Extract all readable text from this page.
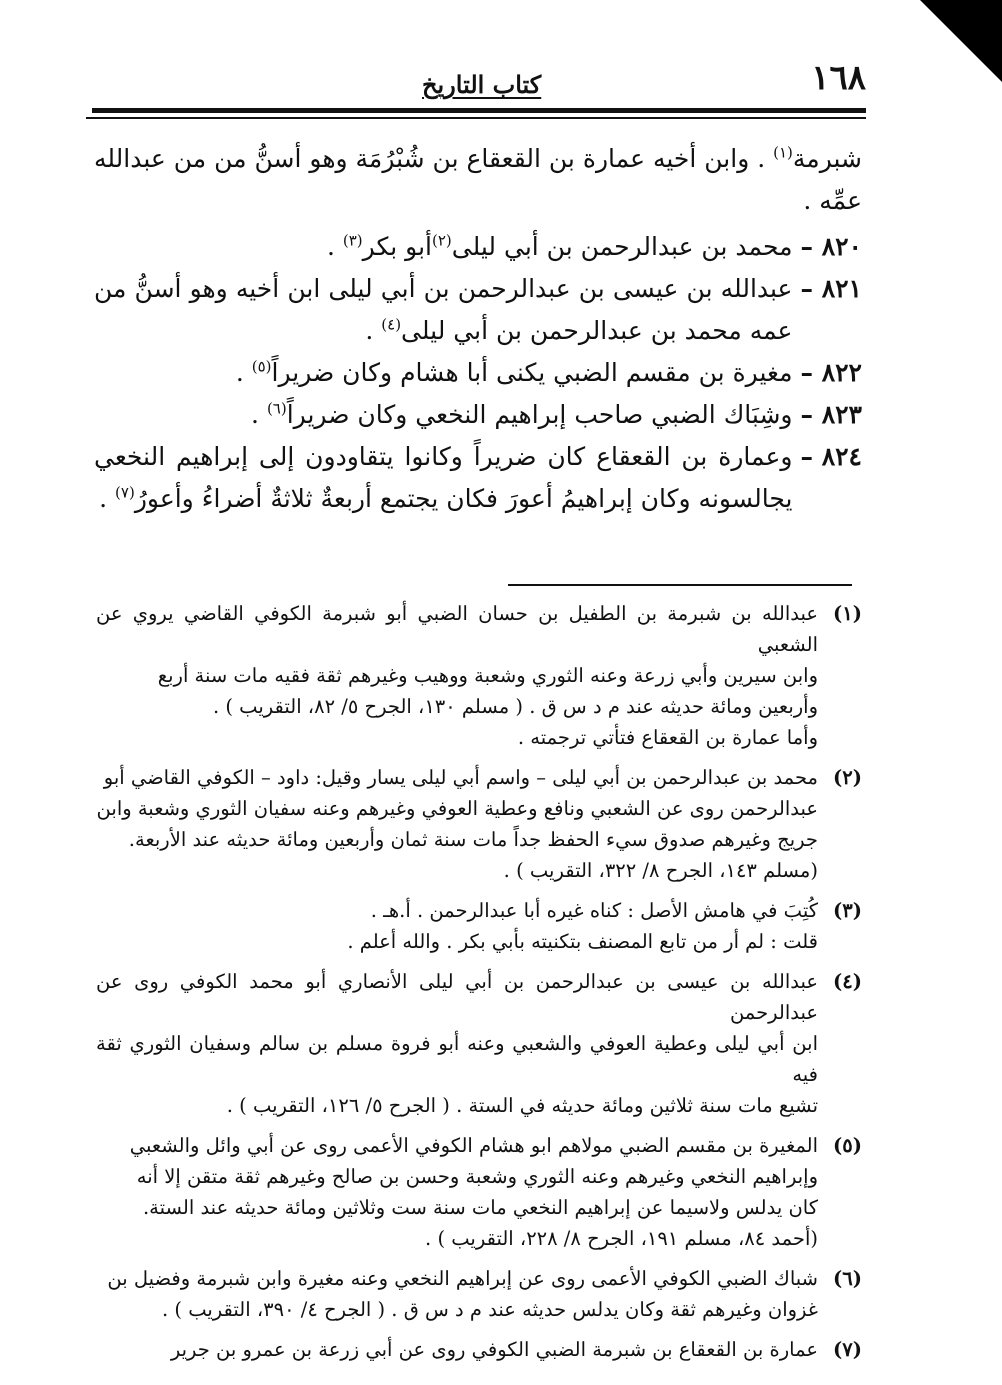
١٦٨
كتاب التاريخ

شبرمة$^{(١)}$ . وابن أخيه عمارة بن القعقاع بن شُبْرُمَة وهو أسنُّ من من عبدالله عمِّه .

٨٢٠ –
محمد بن عبدالرحمن بن أبي ليلى$^{(٢)}$أبو بكر$^{(٣)}$ .
٨٢١ –
عبدالله بن عيسى بن عبدالرحمن بن أبي ليلى ابن أخيه وهو أسنُّ من عمه محمد بن عبدالرحمن بن أبي ليلى$^{(٤)}$ .
٨٢٢ –
مغيرة بن مقسم الضبي يكنى أبا هشام وكان ضريراً$^{(٥)}$ .
٨٢٣ –
وشِبَاك الضبي صاحب إبراهيم النخعي وكان ضريراً$^{(٦)}$ .
٨٢٤ –
وعمارة بن القعقاع كان ضريراً وكانوا يتقاودون إلى إبراهيم النخعي يجالسونه وكان إبراهيمُ أعورَ فكان يجتمع أربعةٌ ثلاثةٌ أضراءُ وأعورُ$^{(٧)}$ .
(١)
عبدالله بن شبرمة بن الطفيل بن حسان الضبي أبو شبرمة الكوفي القاضي يروي عن الشعبي
وابن سيرين وأبي زرعة وعنه الثوري وشعبة ووهيب وغيرهم ثقة فقيه مات سنة أربع
وأربعين ومائة حديثه عند م د س ق . ( مسلم ١٣٠، الجرح ٥/ ٨٢، التقريب ) .
وأما عمارة بن القعقاع فتأتي ترجمته .
(٢)
محمد بن عبدالرحمن بن أبي ليلى – واسم أبي ليلى يسار وقيل: داود – الكوفي القاضي أبو
عبدالرحمن روى عن الشعبي ونافع وعطية العوفي وغيرهم وعنه سفيان الثوري وشعبة وابن
جريج وغيرهم صدوق سيء الحفظ جداً مات سنة ثمان وأربعين ومائة حديثه عند الأربعة.
(مسلم ١٤٣، الجرح ٨/ ٣٢٢، التقريب ) .
(٣)
كُتِبَ في هامش الأصل : كناه غيره أبا عبدالرحمن . أ.هـ .
قلت : لم أر من تابع المصنف بتكنيته بأبي بكر . والله أعلم .
(٤)
عبدالله بن عيسى بن عبدالرحمن بن أبي ليلى الأنصاري أبو محمد الكوفي روى عن عبدالرحمن
ابن أبي ليلى وعطية العوفي والشعبي وعنه أبو فروة مسلم بن سالم وسفيان الثوري ثقة فيه
تشيع مات سنة ثلاثين ومائة حديثه في الستة . ( الجرح ٥/ ١٢٦، التقريب ) .
(٥)
المغيرة بن مقسم الضبي مولاهم ابو هشام الكوفي الأعمى روى عن أبي وائل والشعبي
وإبراهيم النخعي وغيرهم وعنه الثوري وشعبة وحسن بن صالح وغيرهم ثقة متقن إلا أنه
كان يدلس ولاسيما عن إبراهيم النخعي مات سنة ست وثلاثين ومائة حديثه عند الستة.
(أحمد ٨٤، مسلم ١٩١، الجرح ٨/ ٢٢٨، التقريب ) .
(٦)
شباك الضبي الكوفي الأعمى روى عن إبراهيم النخعي وعنه مغيرة وابن شبرمة وفضيل بن
غزوان وغيرهم ثقة وكان يدلس حديثه عند م د س ق . ( الجرح ٤/ ٣٩٠، التقريب ) .
(٧)
عمارة بن القعقاع بن شبرمة الضبي الكوفي روى عن أبي زرعة بن عمرو بن جرير
